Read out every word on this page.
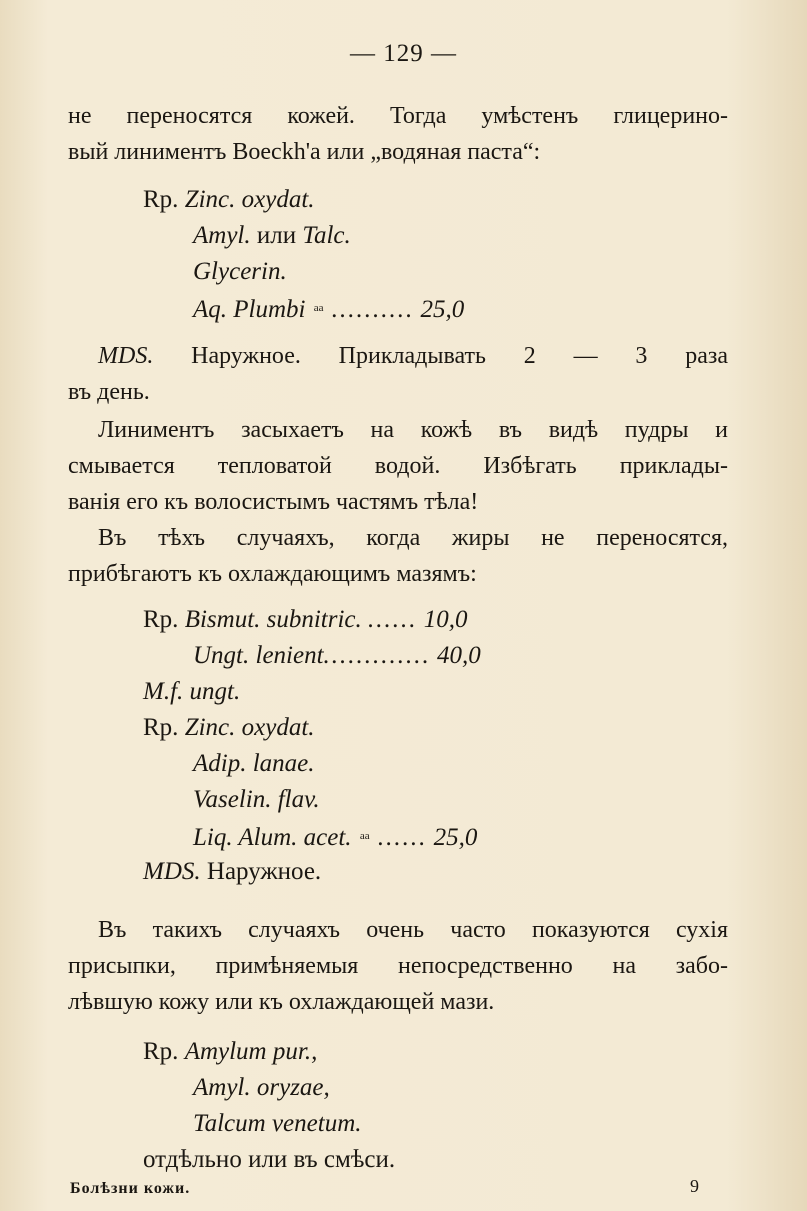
— 129 —
не переносятся кожей. Тогда умѣстенъ глицерино-
вый линиментъ Boeckh'a или „водяная паста“:
Rp. Zinc. oxydat.
Amyl. или Talc.
Glycerin.
Aq. Plumbi $^{aa}$ .......... 25,0
MDS. Наружное. Прикладывать 2 — 3 раза
въ день.
Линиментъ засыхаетъ на кожѣ въ видѣ пудры и
смывается тепловатой водой. Избѣгать приклады-
ванія его къ волосистымъ частямъ тѣла!
Въ тѣхъ случаяхъ, когда жиры не переносятся,
прибѣгаютъ къ охлаждающимъ мазямъ:
Rp. Bismut. subnitric. ...... 10,0
Ungt. lenient............. 40,0
M.f. ungt.
Rp. Zinc. oxydat.
Adip. lanae.
Vaselin. flav.
Liq. Alum. acet. $^{aa}$ ...... 25,0
MDS. Наружное.
Въ такихъ случаяхъ очень часто показуются сухія
присыпки, примѣняемыя непосредственно на забо-
лѣвшую кожу или къ охлаждающей мази.
Rp. Amylum pur.,
Amyl. oryzae,
Talcum venetum.
отдѣльно или въ смѣси.
Болѣзни кожи.	9
